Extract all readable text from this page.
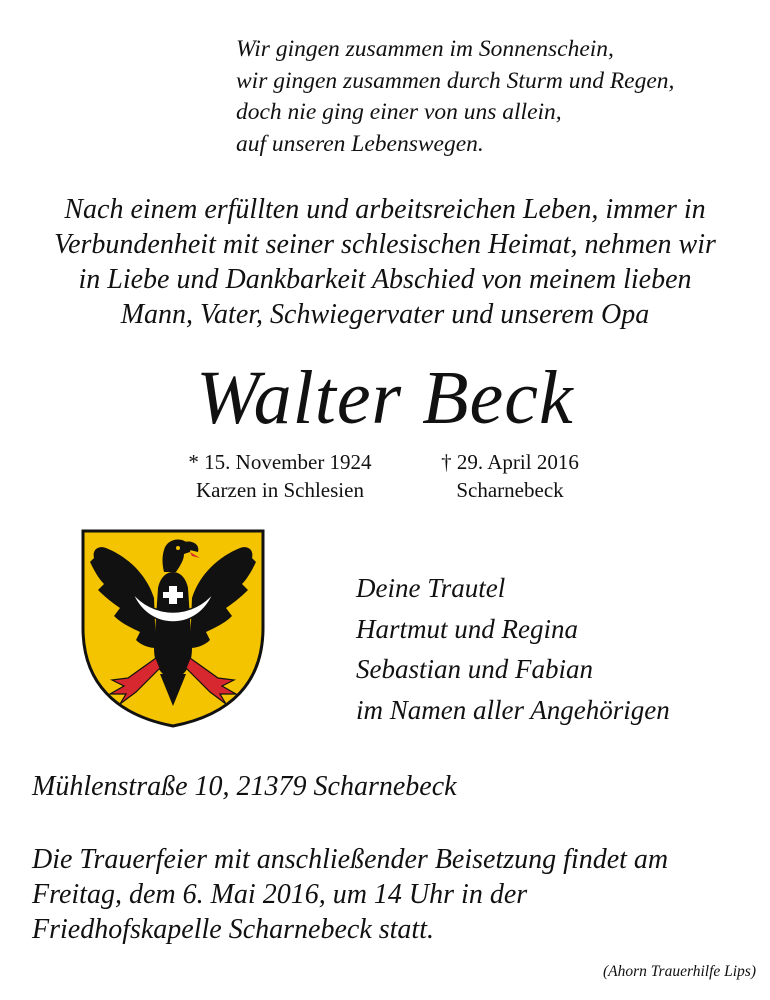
Wir gingen zusammen im Sonnenschein,
wir gingen zusammen durch Sturm und Regen,
doch nie ging einer von uns allein,
auf unseren Lebenswegen.
Nach einem erfüllten und arbeitsreichen Leben, immer in
Verbundenheit mit seiner schlesischen Heimat, nehmen wir
in Liebe und Dankbarkeit Abschied von meinem lieben
Mann, Vater, Schwiegervater und unserem Opa
Walter Beck
* 15. November 1924
Karzen in Schlesien
† 29. April 2016
Scharnebeck
Deine Trautel
Hartmut und Regina
Sebastian und Fabian
im Namen aller Angehörigen
Mühlenstraße 10, 21379 Scharnebeck
Die Trauerfeier mit anschließender Beisetzung findet am
Freitag, dem 6. Mai 2016, um 14 Uhr in der
Friedhofskapelle Scharnebeck statt.
(Ahorn Trauerhilfe Lips)
